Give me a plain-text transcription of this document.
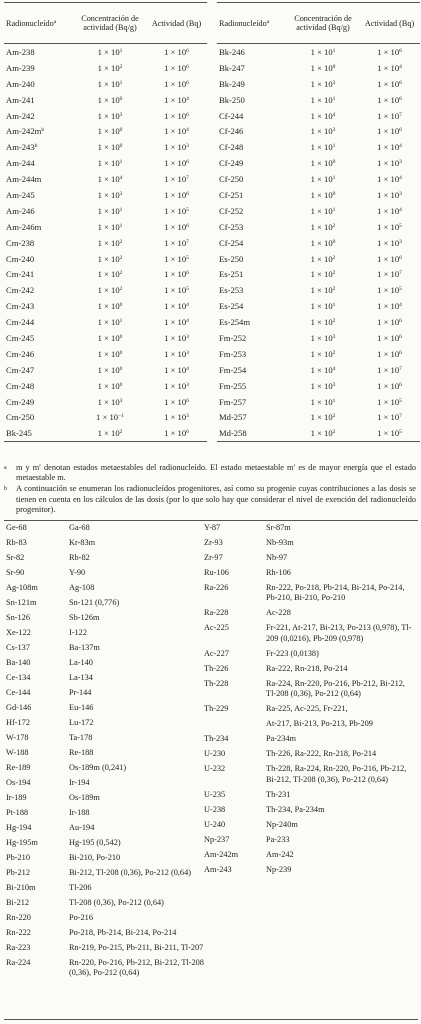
Radionucleído$^a$	Concentración de actividad (Bq/g)	Actividad (Bq)
Am-238	$1 \times 10^1$	$1 \times 10^6$
Am-239	$1 \times 10^2$	$1 \times 10^6$
Am-240	$1 \times 10^1$	$1 \times 10^6$
Am-241	$1 \times 10^0$	$1 \times 10^4$
Am-242	$1 \times 10^3$	$1 \times 10^6$
$Am-242m^b$	$1 \times 10^0$	$1 \times 10^4$
Am-243$^b$	$1 \times 10^0$	$1 \times 10^3$
Am-244	$1 \times 10^1$	$1 \times 10^6$
Am-244m	$1 \times 10^4$	$1 \times 10^7$
Am-245	$1 \times 10^3$	$1 \times 10^6$
Am-246	$1 \times 10^1$	$1 \times 10^5$
Am-246m	$1 \times 10^1$	$1 \times 10^6$
Cm-238	$1 \times 10^2$	$1 \times 10^7$
Cm-240	$1 \times 10^2$	$1 \times 10^5$
Cm-241	$1 \times 10^2$	$1 \times 10^6$
Cm-242	$1 \times 10^2$	$1 \times 10^5$
Cm-243	$1 \times 10^0$	$1 \times 10^4$
Cm-244	$1 \times 10^1$	$1 \times 10^4$
Cm-245	$1 \times 10^0$	$1 \times 10^3$
Cm-246	$1 \times 10^0$	$1 \times 10^3$
Cm-247	$1 \times 10^0$	$1 \times 10^4$
Cm-248	$1 \times 10^0$	$1 \times 10^3$
Cm-249	$1 \times 10^3$	$1 \times 10^6$
Cm-250	$1 \times 10^{-1}$	$1 \times 10^3$
Bk-245	$1 \times 10^2$	$1 \times 10^6$
Radionucleído$^a$	Concentración de actividad (Bq/g)	Actividad (Bq)
Bk-246	$1 \times 10^1$	$1 \times 10^6$
Bk-247	$1 \times 10^0$	$1 \times 10^4$
Bk-249	$1 \times 10^3$	$1 \times 10^6$
Bk-250	$1 \times 10^1$	$1 \times 10^6$
Cf-244	$1 \times 10^4$	$1 \times 10^7$
Cf-246	$1 \times 10^3$	$1 \times 10^6$
Cf-248	$1 \times 10^1$	$1 \times 10^4$
Cf-249	$1 \times 10^0$	$1 \times 10^3$
Cf-250	$1 \times 10^1$	$1 \times 10^4$
Cf-251	$1 \times 10^0$	$1 \times 10^3$
Cf-252	$1 \times 10^1$	$1 \times 10^4$
Cf-253	$1 \times 10^2$	$1 \times 10^5$
Cf-254	$1 \times 10^0$	$1 \times 10^3$
Es-250	$1 \times 10^2$	$1 \times 10^6$
Es-251	$1 \times 10^2$	$1 \times 10^7$
Es-253	$1 \times 10^2$	$1 \times 10^5$
Es-254	$1 \times 10^1$	$1 \times 10^4$
Es-254m	$1 \times 10^2$	$1 \times 10^6$
Fm-252	$1 \times 10^3$	$1 \times 10^6$
Fm-253	$1 \times 10^2$	$1 \times 10^6$
Fm-254	$1 \times 10^4$	$1 \times 10^7$
Fm-255	$1 \times 10^3$	$1 \times 10^6$
Fm-257	$1 \times 10^1$	$1 \times 10^5$
Md-257	$1 \times 10^2$	$1 \times 10^7$
Md-258	$1 \times 10^2$	$1 \times 10^5$
a	m y m′ denotan estados metaestables del radionucleído. El estado metaestable m′ es de mayor energía que el estado metaestable m.
b	A continuación se enumeran los radionucleídos progenitores, así como su progenie cuyas contribuciones a las dosis se tienen en cuenta en los cálculos de las dosis (por lo que solo hay que considerar el nivel de exención del radionucleído progenitor).
Ge-68	Ga-68
Rb-83	Kr-83m
Sr-82	Rb-82
Sr-90	Y-90
Ag-108m	Ag-108
Sn-121m	Sn-121 (0,776)
Sn-126	Sb-126m
Xe-122	I-122
Cs-137	Ba-137m
Ba-140	La-140
Ce-134	La-134
Ce-144	Pr-144
Gd-146	Eu-146
Hf-172	Lu-172
W-178	Ta-178
W-188	Re-188
Re-189	Os-189m (0,241)
Os-194	Ir-194
Ir-189	Os-189m
Pt-188	Ir-188
Hg-194	Au-194
Hg-195m	Hg-195 (0,542)
Pb-210	Bi-210, Po-210
Pb-212	Bi-212, Tl-208 (0,36), Po-212 (0,64)
Bi-210m	Tl-206
Bi-212	Tl-208 (0,36), Po-212 (0,64)
Rn-220	Po-216
Rn-222	Po-218, Pb-214, Bi-214, Po-214
Ra-223	Rn-219, Po-215, Pb-211, Bi-211, Tl-207
Ra-224	Rn-220, Po-216, Pb-212, Bi-212, Tl-208 (0,36), Po-212 (0,64)
Y-87	Sr-87m
Zr-93	Nb-93m
Zr-97	Nb-97
Ru-106	Rh-106
Ra-226	Rn-222, Po-218, Pb-214, Bi-214, Po-214, Pb-210, Bi-210, Po-210
Ra-228	Ac-228
Ac-225	Fr-221, At-217, Bi-213, Po-213 (0,978), Tl-209 (0,0216), Pb-209 (0,978)
Ac-227	Fr-223 (0,0138)
Th-226	Ra-222, Rn-218, Po-214
Th-228	Ra-224, Rn-220, Po-216, Pb-212, Bi-212, Tl-208 (0,36), Po-212 (0,64)
Th-229	Ra-225, Ac-225, Fr-221,
At-217, Bi-213, Po-213, Pb-209
Th-234	Pa-234m
U-230	Th-226, Ra-222, Rn-218, Po-214
U-232	Th-228, Ra-224, Rn-220, Po-216, Pb-212, Bi-212, Tl-208 (0,36), Po-212 (0,64)
U-235	Th-231
U-238	Th-234, Pa-234m
U-240	Np-240m
Np-237	Pa-233
Am-242m	Am-242
Am-243	Np-239
